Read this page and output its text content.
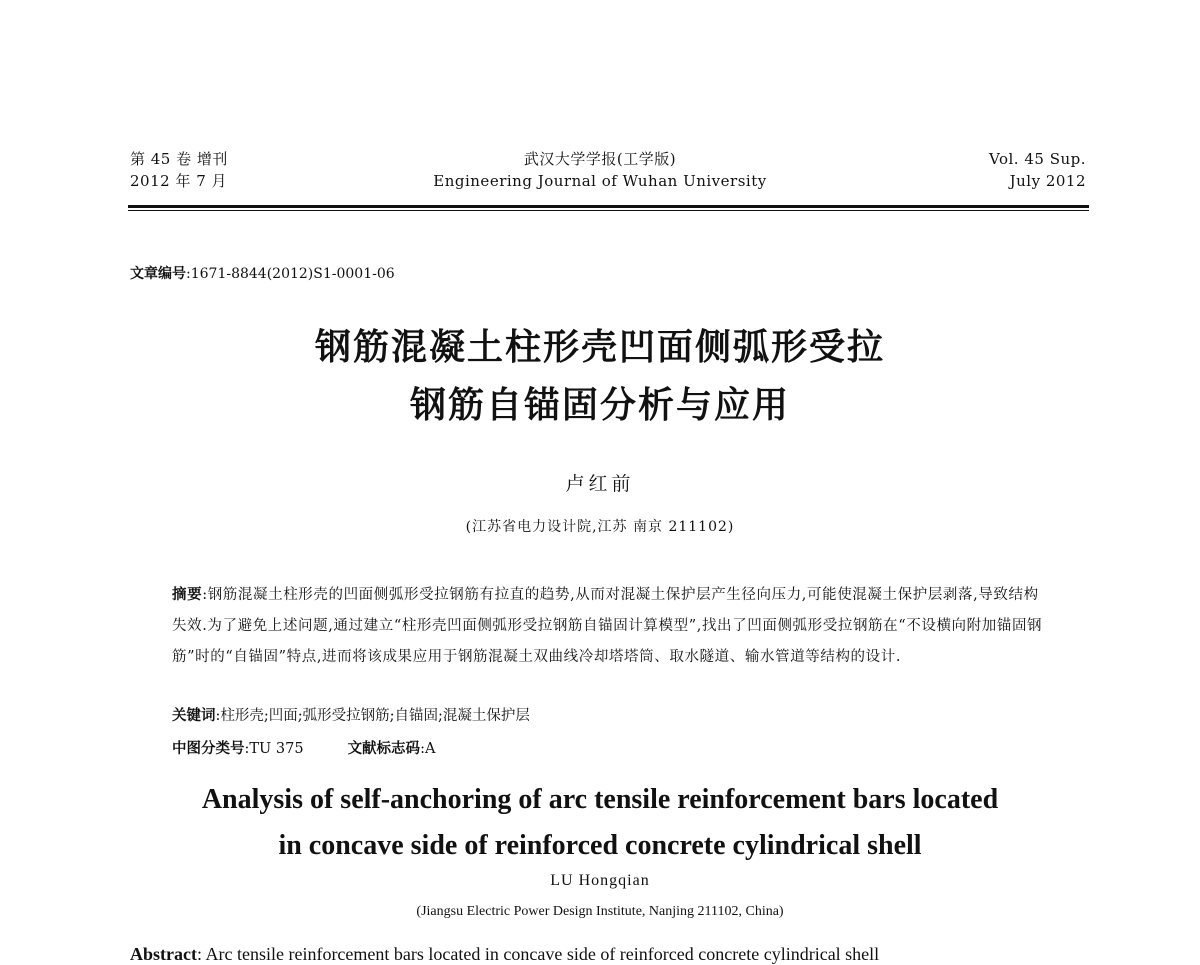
第 45 卷 增刊
2012 年 7 月
武汉大学学报(工学版)
Engineering Journal of Wuhan University
Vol. 45 Sup.
July 2012
文章编号:1671-8844(2012)S1-0001-06
钢筋混凝土柱形壳凹面侧弧形受拉
钢筋自锚固分析与应用
卢红前
(江苏省电力设计院,江苏 南京 211102)
摘要:钢筋混凝土柱形壳的凹面侧弧形受拉钢筋有拉直的趋势,从而对混凝土保护层产生径向压力,可能使混凝土保护层剥落,导致结构失效.为了避免上述问题,通过建立“柱形壳凹面侧弧形受拉钢筋自锚固计算模型”,找出了凹面侧弧形受拉钢筋在“不设横向附加锚固钢筋”时的“自锚固”特点,进而将该成果应用于钢筋混凝土双曲线冷却塔塔筒、取水隧道、输水管道等结构的设计.
关键词:柱形壳;凹面;弧形受拉钢筋;自锚固;混凝土保护层
中图分类号:TU 375	文献标志码:A
Analysis of self-anchoring of arc tensile reinforcement bars located
in concave side of reinforced concrete cylindrical shell
LU Hongqian
(Jiangsu Electric Power Design Institute, Nanjing 211102, China)
Abstract: Arc tensile reinforcement bars located in concave side of reinforced concrete cylindrical shell
